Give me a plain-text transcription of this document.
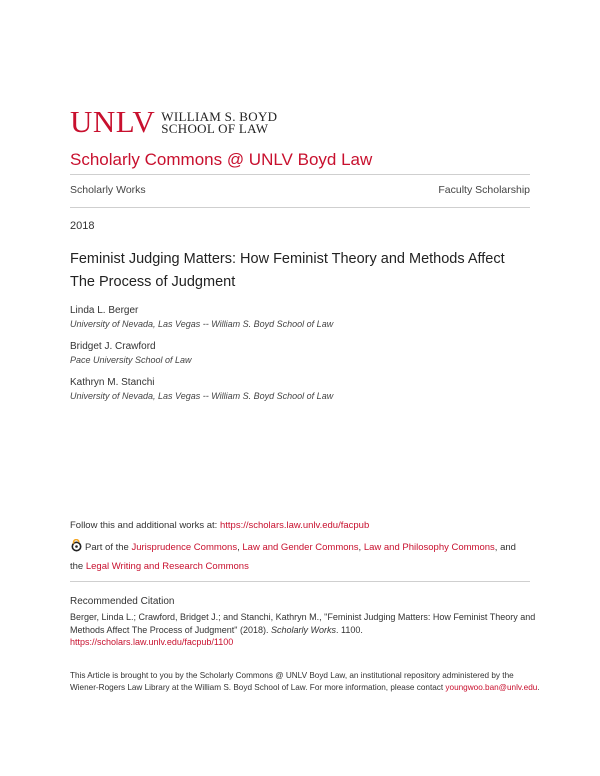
UNLV WILLIAM S. BOYD
SCHOOL OF LAW
Scholarly Commons @ UNLV Boyd Law
Scholarly Works	Faculty Scholarship
2018
Feminist Judging Matters: How Feminist Theory and Methods Affect The Process of Judgment
Linda L. Berger
University of Nevada, Las Vegas -- William S. Boyd School of Law
Bridget J. Crawford
Pace University School of Law
Kathryn M. Stanchi
University of Nevada, Las Vegas -- William S. Boyd School of Law
Follow this and additional works at: https://scholars.law.unlv.edu/facpub
Part of the Jurisprudence Commons, Law and Gender Commons, Law and Philosophy Commons, and
the Legal Writing and Research Commons
Recommended Citation
Berger, Linda L.; Crawford, Bridget J.; and Stanchi, Kathryn M., "Feminist Judging Matters: How Feminist Theory and Methods Affect The Process of Judgment" (2018). Scholarly Works. 1100.
https://scholars.law.unlv.edu/facpub/1100
This Article is brought to you by the Scholarly Commons @ UNLV Boyd Law, an institutional repository administered by the Wiener-Rogers Law Library at the William S. Boyd School of Law. For more information, please contact youngwoo.ban@unlv.edu.
